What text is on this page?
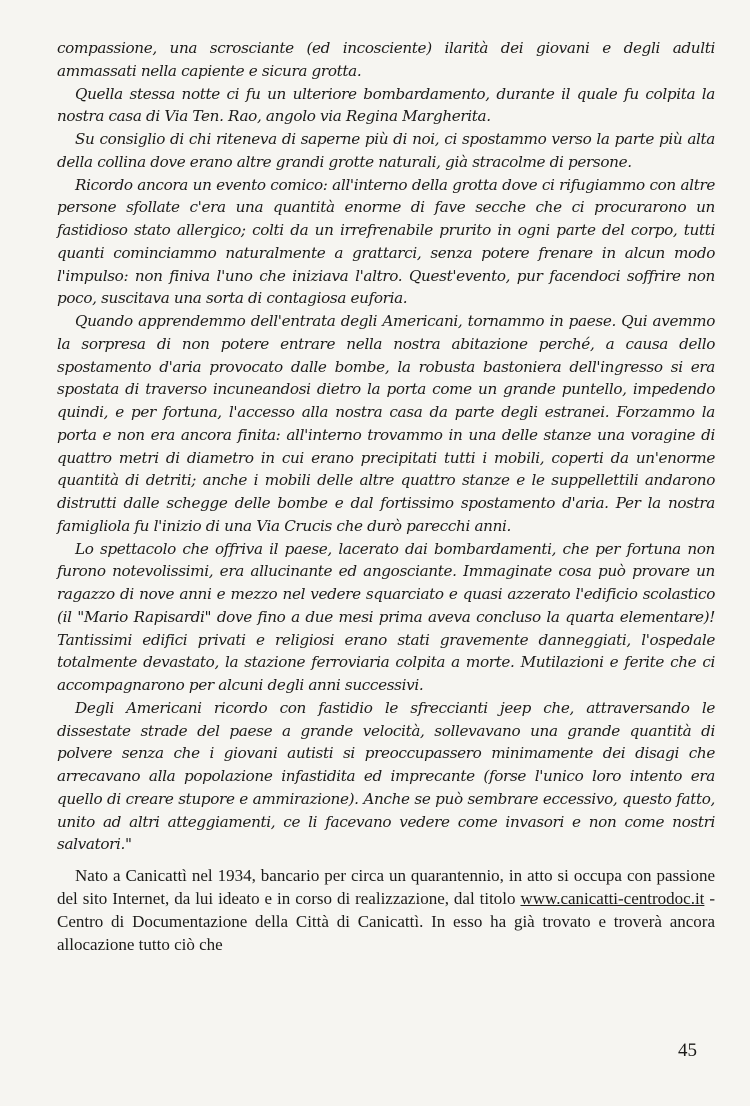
compassione, una scrosciante (ed incosciente) ilarità dei giovani e degli adulti ammassati nella capiente e sicura grotta.

Quella stessa notte ci fu un ulteriore bombardamento, durante il quale fu colpita la nostra casa di Via Ten. Rao, angolo via Regina Margherita.

Su consiglio di chi riteneva di saperne più di noi, ci spostammo verso la parte più alta della collina dove erano altre grandi grotte naturali, già stracolme di persone.

Ricordo ancora un evento comico: all'interno della grotta dove ci rifugiammo con altre persone sfollate c'era una quantità enorme di fave secche che ci procurarono un fastidioso stato allergico; colti da un irrefrenabile prurito in ogni parte del corpo, tutti quanti cominciammo naturalmente a grattarci, senza potere frenare in alcun modo l'impulso: non finiva l'uno che iniziava l'altro. Quest'evento, pur facendoci soffrire non poco, suscitava una sorta di contagiosa euforia.

Quando apprendemmo dell'entrata degli Americani, tornammo in paese. Qui avemmo la sorpresa di non potere entrare nella nostra abitazione perché, a causa dello spostamento d'aria provocato dalle bombe, la robusta bastoniera dell'ingresso si era spostata di traverso incuneandosi dietro la porta come un grande puntello, impedendo quindi, e per fortuna, l'accesso alla nostra casa da parte degli estranei. Forzammo la porta e non era ancora finita: all'interno trovammo in una delle stanze una voragine di quattro metri di diametro in cui erano precipitati tutti i mobili, coperti da un'enorme quantità di detriti; anche i mobili delle altre quattro stanze e le suppellettili andarono distrutti dalle schegge delle bombe e dal fortissimo spostamento d'aria. Per la nostra famigliola fu l'inizio di una Via Crucis che durò parecchi anni.

Lo spettacolo che offriva il paese, lacerato dai bombardamenti, che per fortuna non furono notevolissimi, era allucinante ed angosciante. Immaginate cosa può provare un ragazzo di nove anni e mezzo nel vedere squarciato e quasi azzerato l'edificio scolastico (il "Mario Rapisardi" dove fino a due mesi prima aveva concluso la quarta elementare)! Tantissimi edifici privati e religiosi erano stati gravemente danneggiati, l'ospedale totalmente devastato, la stazione ferroviaria colpita a morte. Mutilazioni e ferite che ci accompagnarono per alcuni degli anni successivi.

Degli Americani ricordo con fastidio le sfreccianti jeep che, attraversando le dissestate strade del paese a grande velocità, sollevavano una grande quantità di polvere senza che i giovani autisti si preoccupassero minimamente dei disagi che arrecavano alla popolazione infastidita ed imprecante (forse l'unico loro intento era quello di creare stupore e ammirazione). Anche se può sembrare eccessivo, questo fatto, unito ad altri atteggiamenti, ce li facevano vedere come invasori e non come nostri salvatori."

Nato a Canicattì nel 1934, bancario per circa un quarantennio, in atto si occupa con passione del sito Internet, da lui ideato e in corso di realizzazione, dal titolo www.canicatti-centrodoc.it - Centro di Documentazione della Città di Canicattì. In esso ha già trovato e troverà ancora allocazione tutto ciò che

45
